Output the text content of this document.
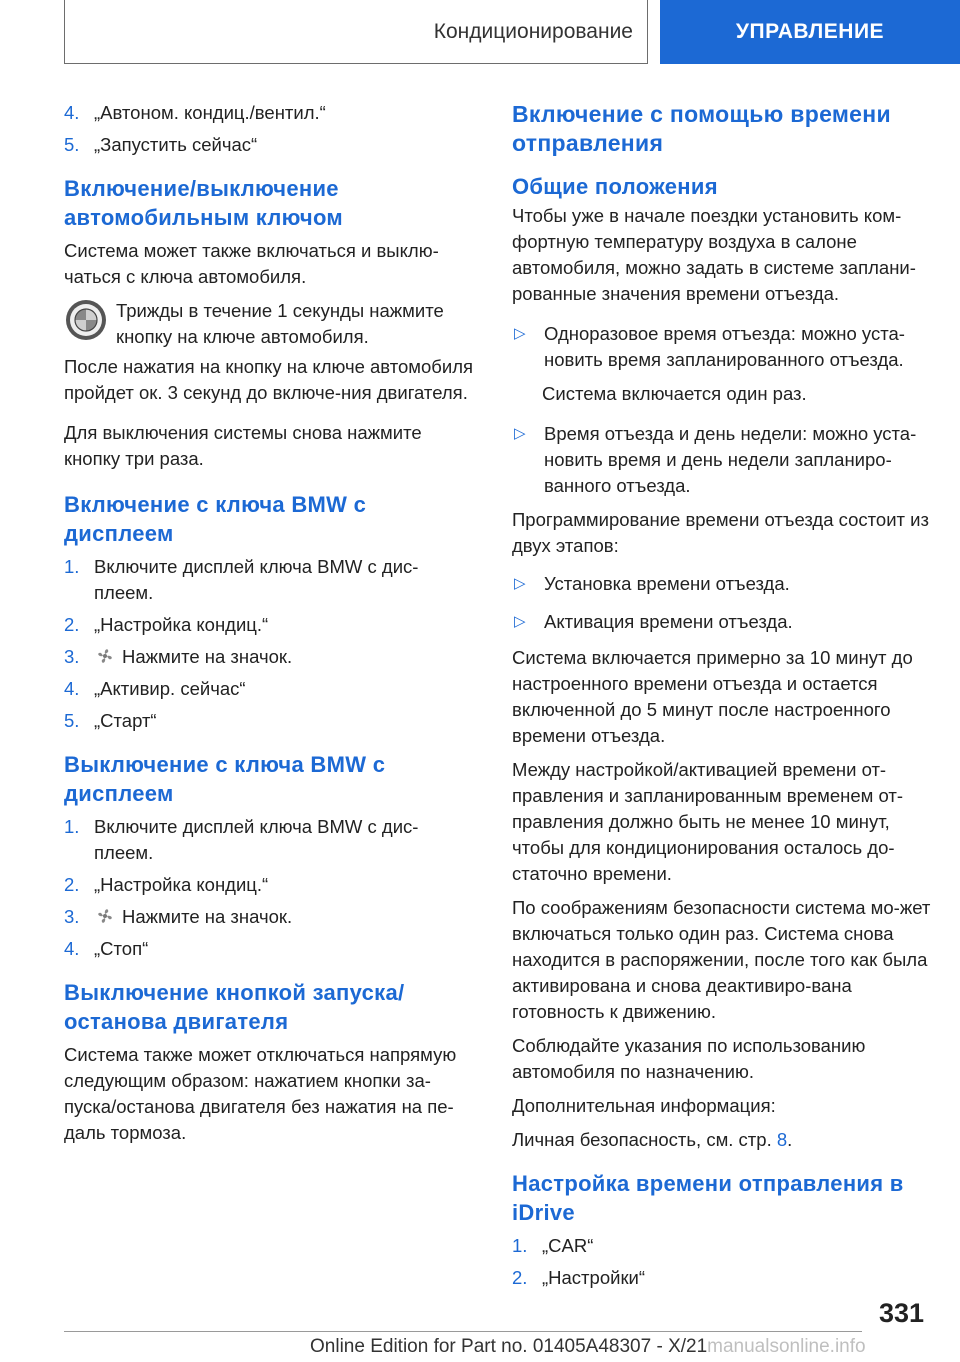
Кондиционирование	УПРАВЛЕНИЕ
4. „Автоном. кондиц./вентил.“
5. „Запустить сейчас“
Включение/выключение автомобильным ключом

Система может также включаться и выклю-чаться с ключа автомобиля.

Трижды в течение 1 секунды нажмите кнопку на ключе автомобиля.

После нажатия на кнопку на ключе автомобиля пройдет ок. 3 секунд до включе-ния двигателя.

Для выключения системы снова нажмите кнопку три раза.

Включение с ключа BMW с дисплеем
1. Включите дисплей ключа BMW с дис-плеем.
2. „Настройка кондиц.“
3.	Нажмите на значок.
4. „Активир. сейчас“
5. „Старт“
Выключение с ключа BMW с дисплеем
1. Включите дисплей ключа BMW с дис-плеем.
2. „Настройка кондиц.“
3.	Нажмите на значок.
4. „Стоп“
Выключение кнопкой запуска/ останова двигателя

Система также может отключаться напрямую следующим образом: нажатием кнопки за-пуска/останова двигателя без нажатия на пе-даль тормоза.

Включение с помощью времени отправления
Общие положения

Чтобы уже в начале поездки установить ком-фортную температуру воздуха в салоне автомобиля, можно задать в системе заплани-рованные значения времени отъезда.

▷ Одноразовое время отъезда: можно уста-новить время запланированного отъезда.
Система включается один раз.
▷ Время отъезда и день недели: можно уста-новить время и день недели запланиро-ванного отъезда.

Программирование времени отъезда состоит из двух этапов:

▷ Установка времени отъезда.
▷ Активация времени отъезда.

Система включается примерно за 10 минут до настроенного времени отъезда и остается включенной до 5 минут после настроенного времени отъезда.

Между настройкой/активацией времени от-правления и запланированным временем от-правления должно быть не менее 10 минут, чтобы для кондиционирования осталось до-статочно времени.

По соображениям безопасности система мо-жет включаться только один раз. Система снова находится в распоряжении, после того как была активирована и снова деактивиро-вана готовность к движению.

Соблюдайте указания по использованию автомобиля по назначению.

Дополнительная информация:

Личная безопасность, см. стр. 8.

Настройка времени отправления в iDrive
1. „CAR“
2. „Настройки“
331
Online Edition for Part no. 01405A48307 - X/21manualsonline.info
